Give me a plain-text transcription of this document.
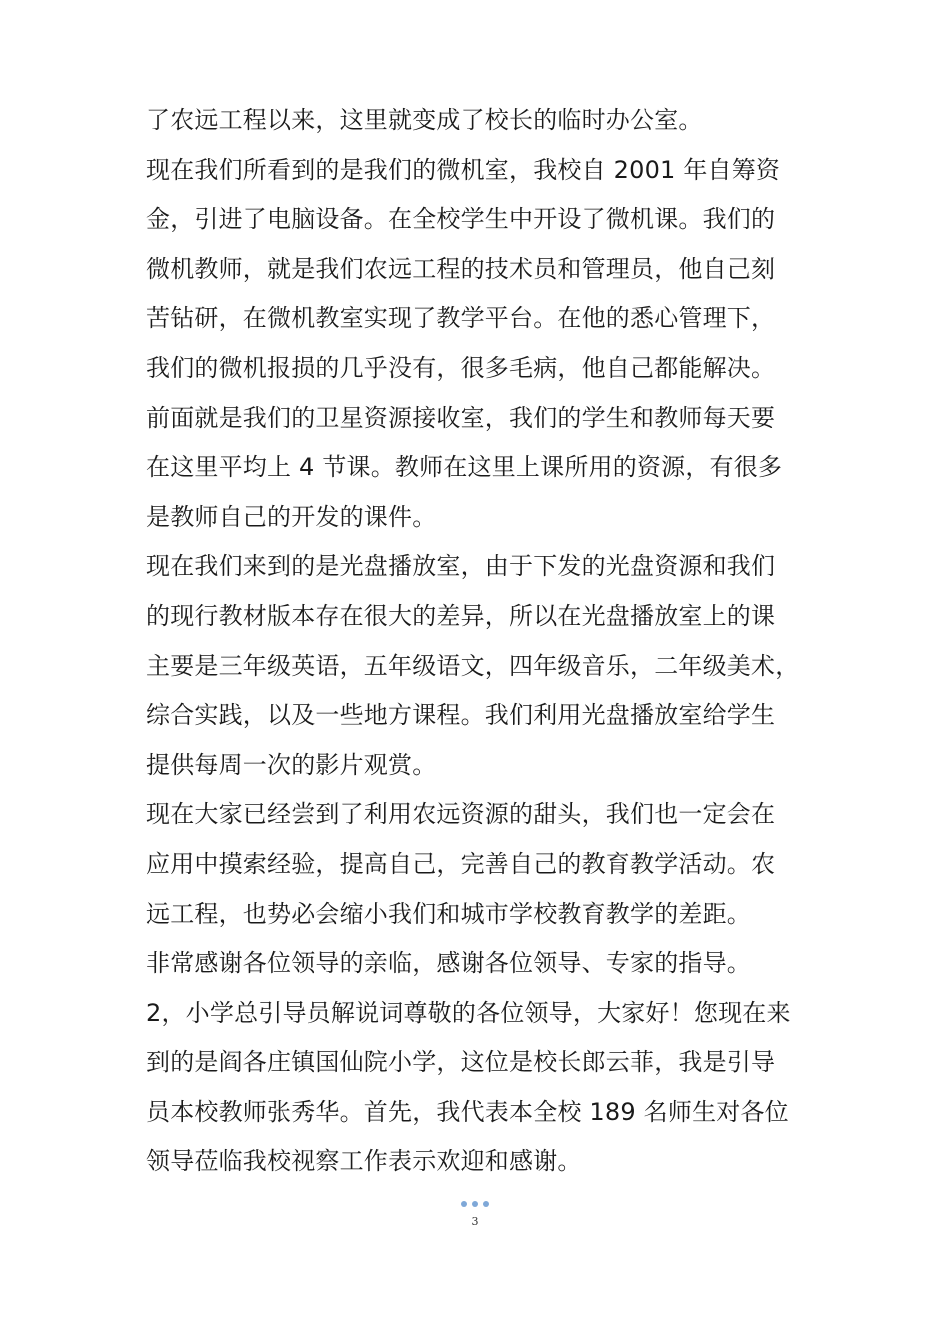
了农远工程以来，这里就变成了校长的临时办公室。
现在我们所看到的是我们的微机室，我校自 2001 年自筹资
金，引进了电脑设备。在全校学生中开设了微机课。我们的
微机教师，就是我们农远工程的技术员和管理员，他自己刻
苦钻研，在微机教室实现了教学平台。在他的悉心管理下，
我们的微机报损的几乎没有，很多毛病，他自己都能解决。
前面就是我们的卫星资源接收室，我们的学生和教师每天要
在这里平均上 4 节课。教师在这里上课所用的资源，有很多
是教师自己的开发的课件。
现在我们来到的是光盘播放室，由于下发的光盘资源和我们
的现行教材版本存在很大的差异，所以在光盘播放室上的课
主要是三年级英语，五年级语文，四年级音乐，二年级美术，
综合实践，以及一些地方课程。我们利用光盘播放室给学生
提供每周一次的影片观赏。
现在大家已经尝到了利用农远资源的甜头，我们也一定会在
应用中摸索经验，提高自己，完善自己的教育教学活动。农
远工程，也势必会缩小我们和城市学校教育教学的差距。
非常感谢各位领导的亲临，感谢各位领导、专家的指导。
2，小学总引导员解说词尊敬的各位领导，大家好！您现在来
到的是阎各庄镇国仙院小学，这位是校长郎云菲，我是引导
员本校教师张秀华。首先，我代表本全校 189 名师生对各位
领导莅临我校视察工作表示欢迎和感谢。
3
